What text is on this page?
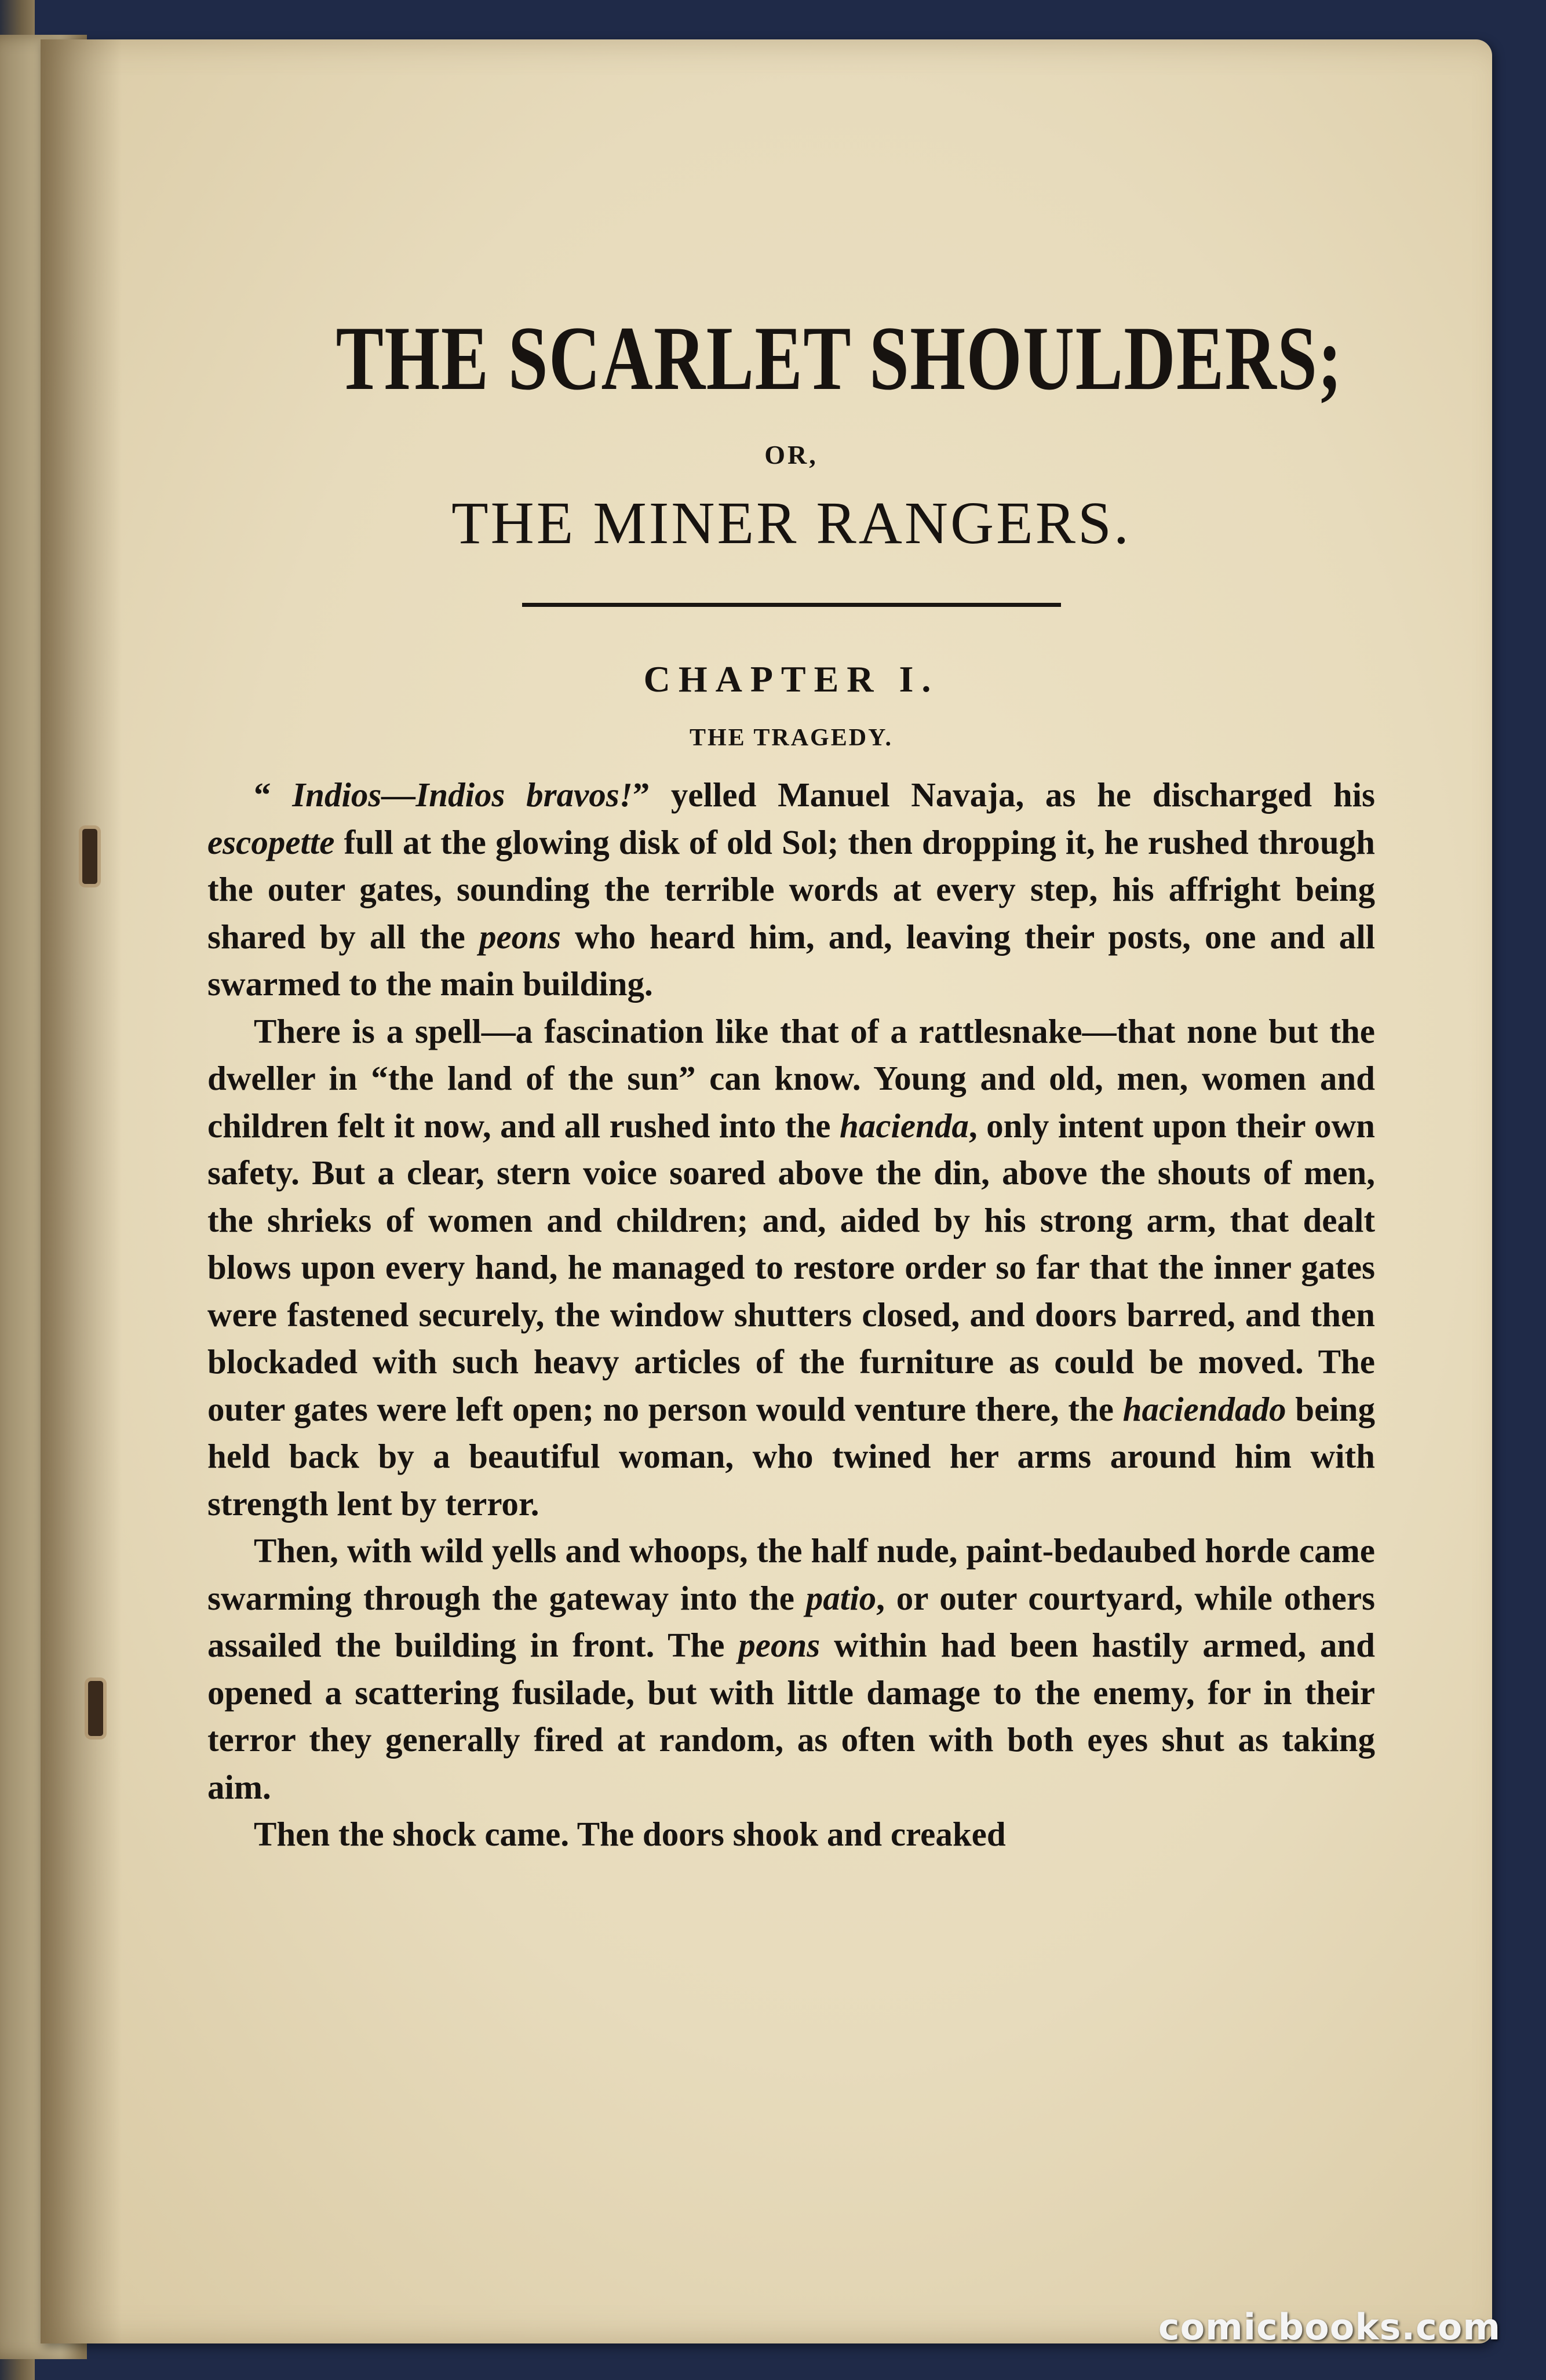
THE SCARLET SHOULDERS;
OR,
THE MINER RANGERS.
CHAPTER I.
THE TRAGEDY.

“ Indios—Indios bravos!” yelled Manuel Navaja, as he discharged his escopette full at the glowing disk of old Sol; then dropping it, he rushed through the outer gates, sounding the terrible words at every step, his affright being shared by all the peons who heard him, and, leaving their posts, one and all swarmed to the main building.

There is a spell—a fascination like that of a rattlesnake—that none but the dweller in “the land of the sun” can know. Young and old, men, women and children felt it now, and all rushed into the hacienda, only intent upon their own safety. But a clear, stern voice soared above the din, above the shouts of men, the shrieks of women and children; and, aided by his strong arm, that dealt blows upon every hand, he managed to restore order so far that the inner gates were fastened securely, the window shutters closed, and doors barred, and then blockaded with such heavy articles of the furniture as could be moved. The outer gates were left open; no person would venture there, the haciendado being held back by a beautiful woman, who twined her arms around him with strength lent by terror.

Then, with wild yells and whoops, the half nude, paint-bedaubed horde came swarming through the gateway into the patio, or outer courtyard, while others assailed the building in front. The peons within had been hastily armed, and opened a scattering fusilade, but with little damage to the enemy, for in their terror they generally fired at random, as often with both eyes shut as taking aim.

Then the shock came. The doors shook and creaked

comicbooks.com
